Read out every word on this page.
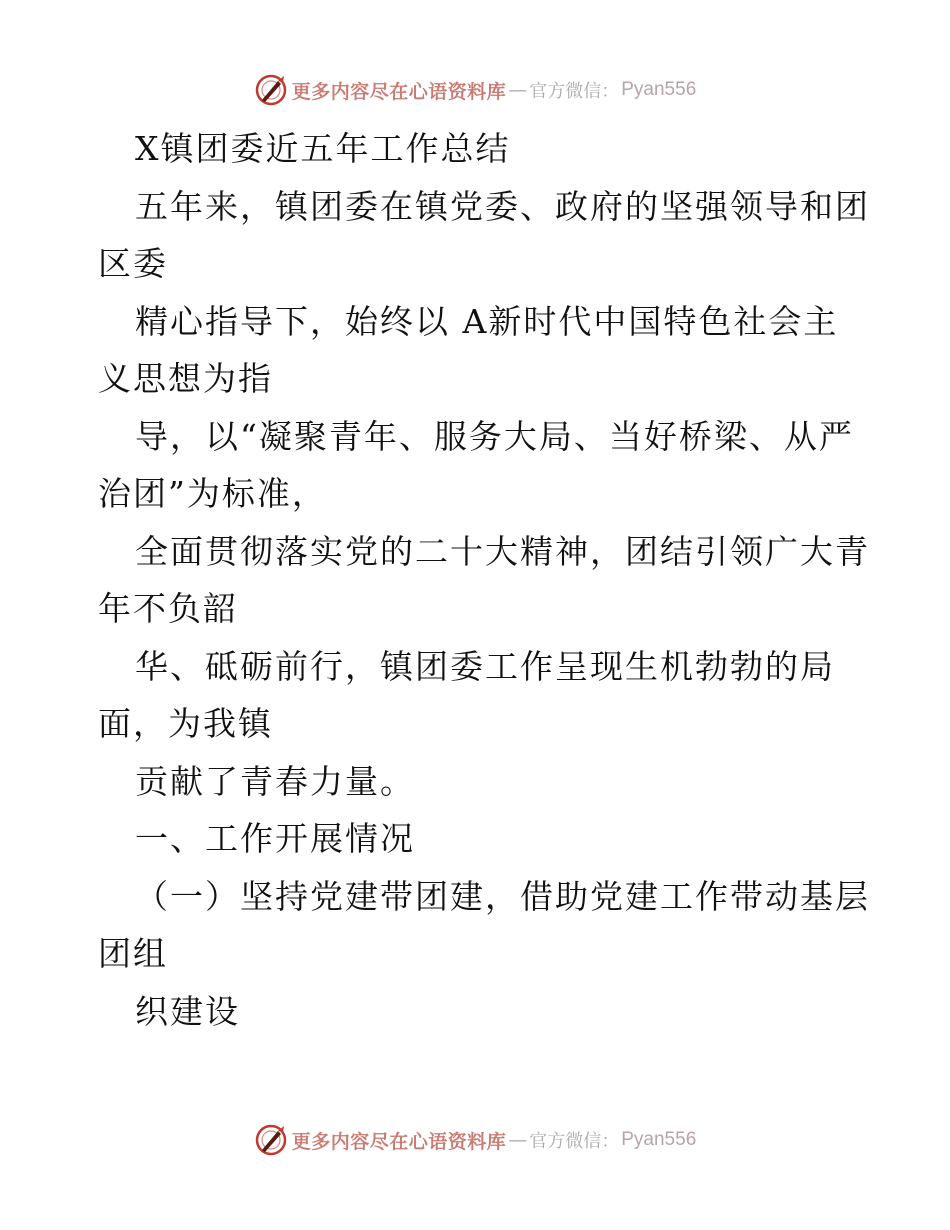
更多内容尽在心语资料库 — 官方微信： Pyan556
X镇团委近五年工作总结
五年来，镇团委在镇党委、政府的坚强领导和团
区委
精心指导下，始终以 A新时代中国特色社会主
义思想为指
导，以“凝聚青年、服务大局、当好桥梁、从严
治团”为标准，
全面贯彻落实党的二十大精神，团结引领广大青
年不负韶
华、砥砺前行，镇团委工作呈现生机勃勃的局
面，为我镇
贡献了青春力量。
一、工作开展情况
（一）坚持党建带团建，借助党建工作带动基层
团组
织建设
更多内容尽在心语资料库 — 官方微信： Pyan556
